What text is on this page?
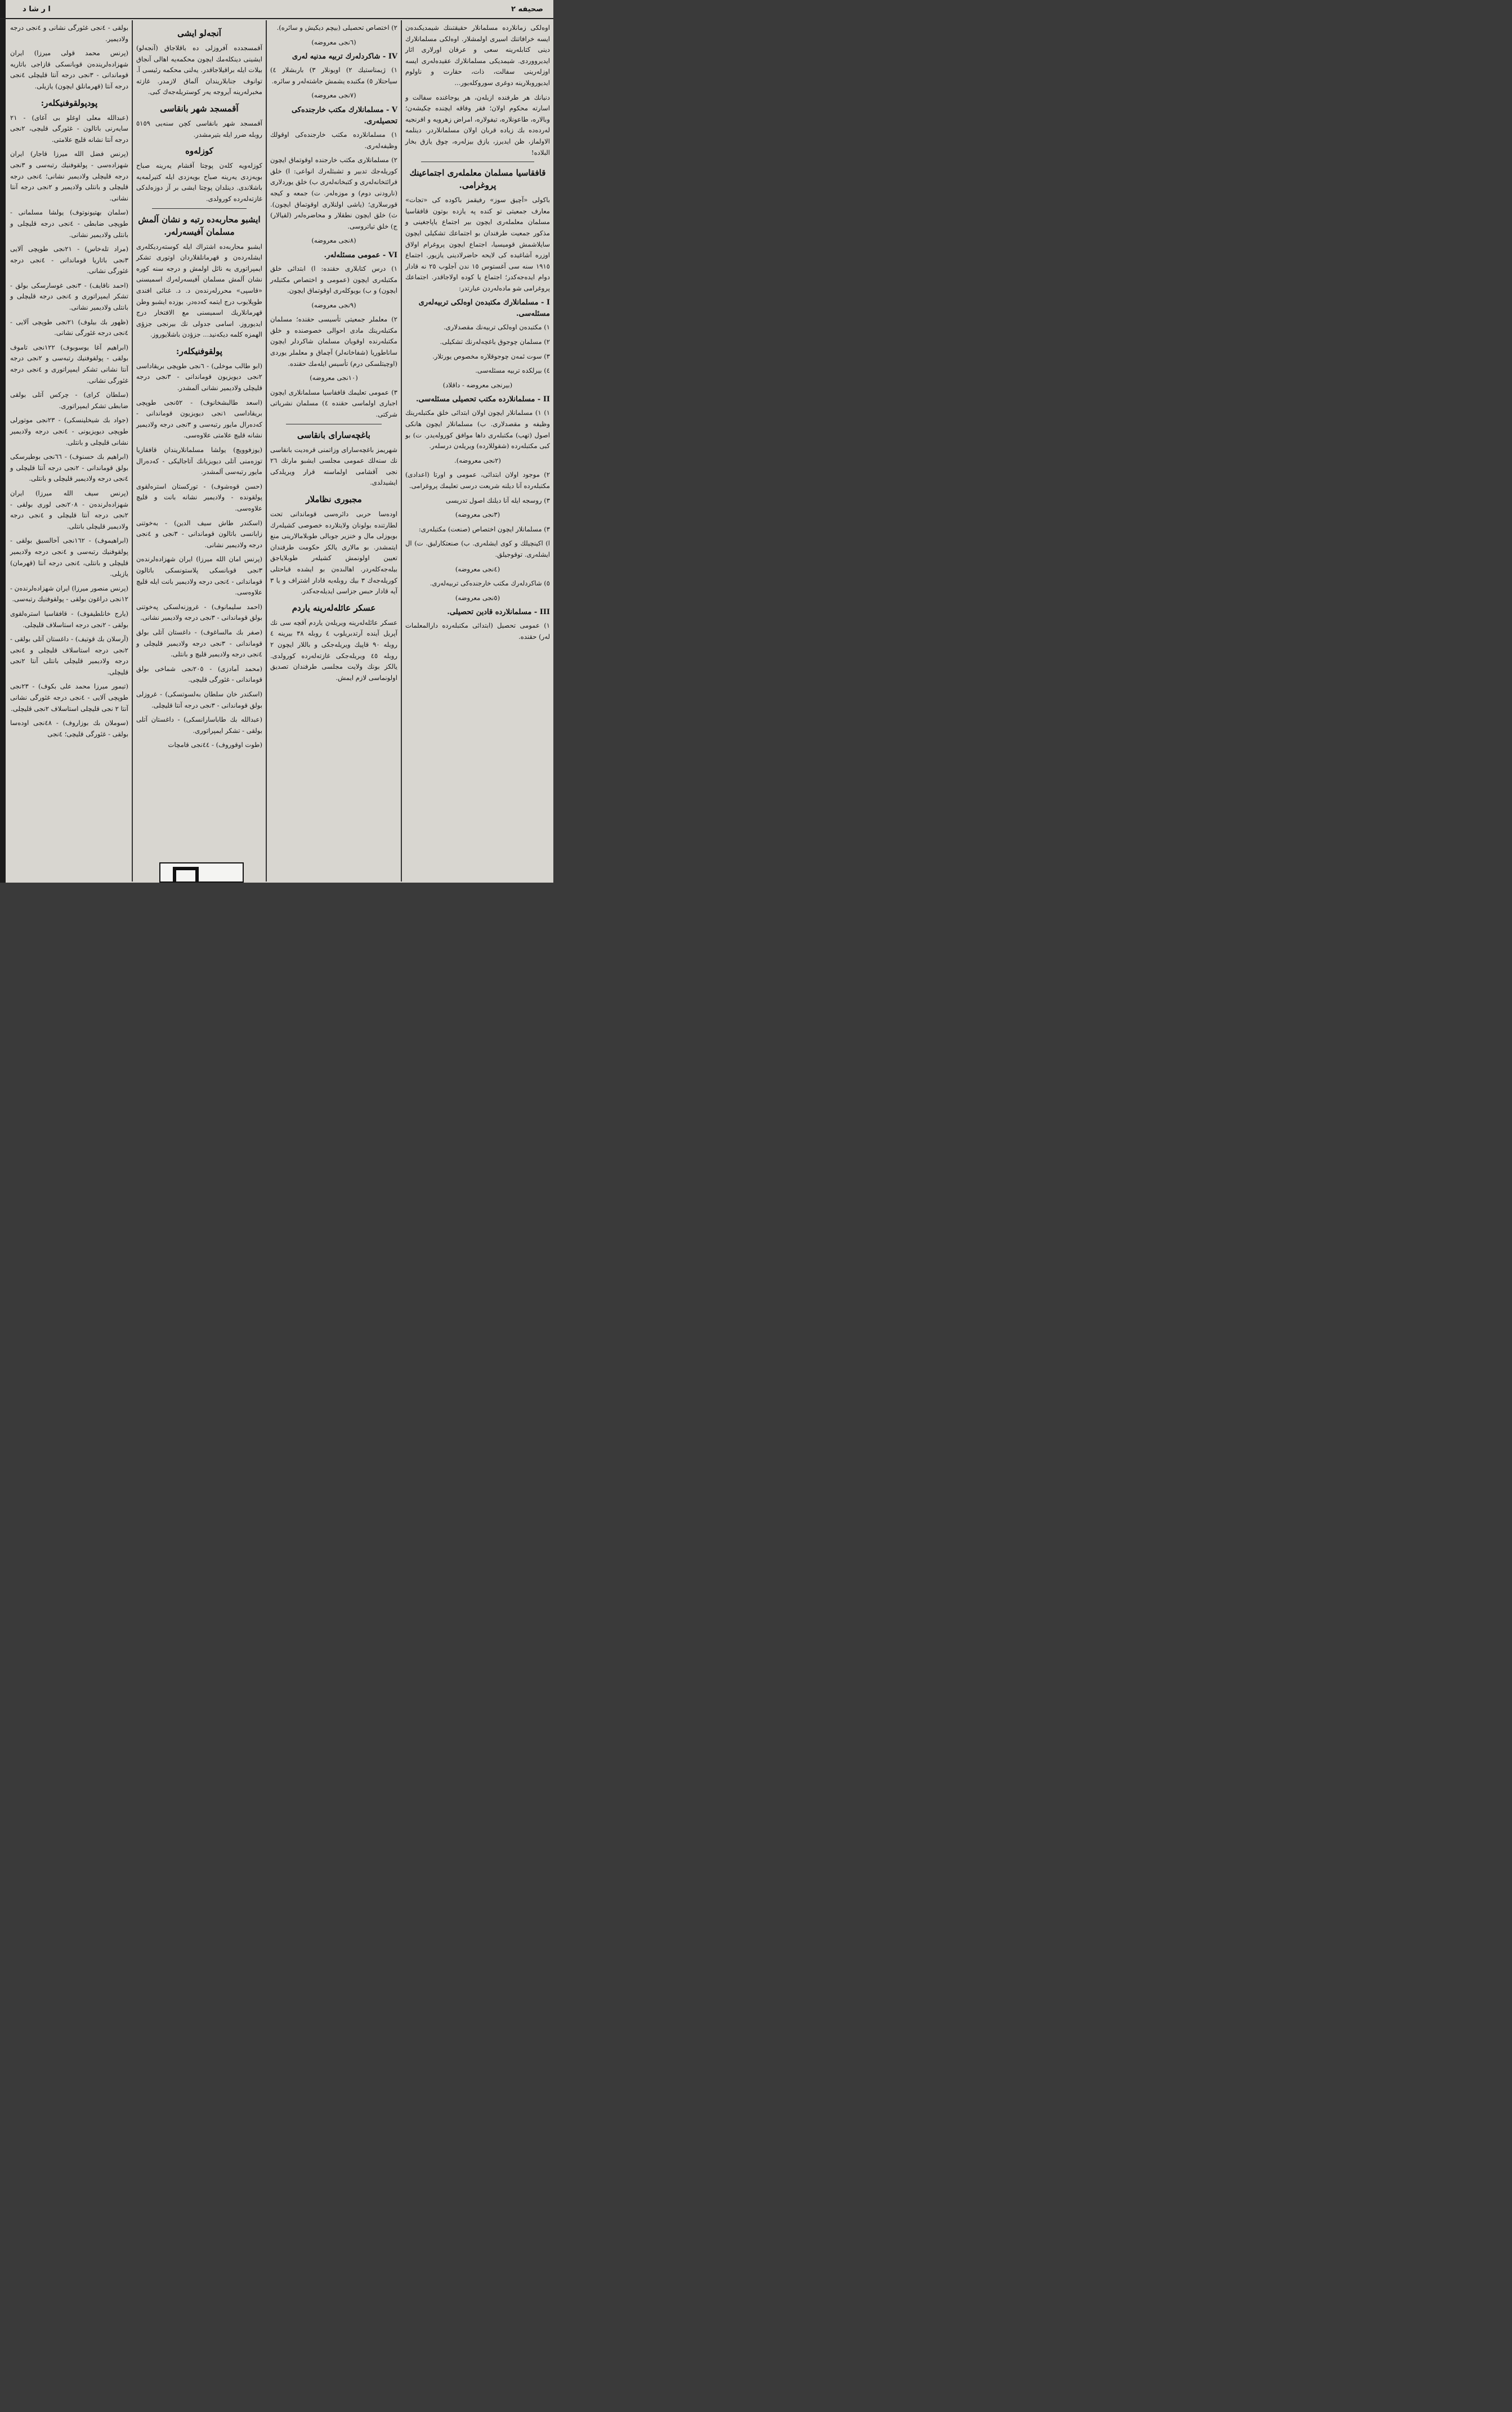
صحيفه ٢
ا ر ﺷﺎ د

اوەلكى زمانلاردە مسلمانلار حقيقتىنك شيمديكىدەن ايسه خرافاتنك اسيرى اولمشلار. اوەلكى مسلمانلارك دينى كتابلەرينه سعى و عرفان اورلارى اثار ايديرووردى. شيمديكى مسلمانلارك عقيدەلەرى ايسه اوزلەرينى سفالت، ذات، حقارت و ناولوم ايديوروبلارينه دوغرى سوروكلەيور...

دنيانك هر طرفندە ازيلەن، هر يوجاغندە سفالت و اسارته محكوم اولان؛ فقر وفاقه ايچندە چكيشەن؛ وبالاره، طاعونلاره، تيفولاره، امراض زهرويه و افرنجيه لەردەدە بك زيادە قربان اولان مسلمانلاردر. دينلمه الاولماز، ظن ايديرز، يازق بيزلەره، چوق يازق بخار البلادە!

قافقاسيا مسلمان معلملەرى اجتماعينك پروغرامى.

باكولى «آچيق سوز» رفيقمز باكوده كى «تجات» معارف جمعيتى تو كنده په يازده بوتون قافقاسيا مسلمان معلملەرى ايچون بير اجتماع ياپاجغينى و مذكور جمعيت طرفندان بو اجتماعك تشكيلى ايچون سايلاشمش قوميسيا، اجتماع ايچون پروغرام اولاق اوزره آشاغيدە كى لايحه حاضرلادينى يازيور. اجتماع ١٩١٥ سنه سى آغستوس ١٥ ندن آجلوب ٢٥ نه قادار دوام ايدەجەكدر؛ اجتماع يا كوده اولاجاقدر. اجتماعك پروغرامى شو مادەلەردن عبارتدر:

I - مسلمانلارك مكتبدەن اوەلكى تربيەلەرى مسئلەسى.

١) مكتبدەن اوەلكى تربيەنك مقصدلارى.

٢) مسلمان چوجوق باغچەلەرنك تشكيلى.

٣) سوت ئمەن چوجوقلاره مخصوص يورتلار.

٤) بيرلكدە تربيه مسئلەسى.

(بيرنجى معروضه - داقلاد)

II - مسلمانلاردە مكتب تحصيلى مسئلەسى.

١) ١) مسلمانلار ايچون اولان ابتدائى خلق مكتبلەرينك وظيفه و مقصدلارى. ب) مسلمانلار ايچون هانكى اصول (تهب) مكتبلەرى داها موافق كورولەيدر. ت) بو كبى مكتبلەردە (شقوللاردە) ويريلەن درسلەر.

(٢نجى معروضه).

٢) موجود اولان ابتدائى، عمومى و اورتا (اعدادى) مكتبلەردە آنا ديلنه شريعت درسى تعليمك پروغرامى.

٣) روسجه ايله آنا ديلنك اصول تدريسى

(٣نجى معروضه)

٣) مسلمانلار ايچون اختصاص (صنعت) مكتبلەرى:

ا) اكينچيلك و كوى ايشلەرى. ب) صنعتكارليق. ت) ال ايشلەرى. توقوجيلق.

(٤نجى معروضه)

٥) شاكردلەرك مكتب خارجندەكى تربيەلەرى.

(٥نجى معروضه)

III - مسلمانلاردە قادين تحصيلى.

١) عمومى تحصيل (ابتدائى مكتبلەردە دارالمعلمات لەر) حقندە.

٢) اختصاص تحصيلى (بيچم ديكيش و سائرە).

(٦نجى معروضه)

IV - شاكردلەرك تربيه مدنيه لەرى

١) ژيمناستيك ٢) اويونلار ٣) باربشلار ٤) سياحتلار ٥) مكتبدە يشمش جاشتەلەر و سائرە.

(٧نجى معروضه)

V - مسلمانلارك مكتب خارجندەكى تحصيلەرى.

١) مسلمانلاردە مكتب خارجندەكى اوقولك وظيفەلەرى.

٢) مسلمانلارى مكتب خارجندە اوقوتماق ايچون كوريلەجك تدبير و تشبثلەرك انواعى: ا) خلق قرائتخانەلەرى و كتبخانەلەرى ب) خلق يوردلارى (نارودنى دوم) و موزەلەر. ت) جمعه و كيجه قورسلارى؛ (ياشى اولنلارى اوقوتماق ايچون). ث) خلق ايچون نطقلار و محاضرەلەر (لقيالار) ج) خلق تياتروسى.

(٨نجى معروضه)

VI - عمومى مسئلەلەر.

١) درس كتابلارى حقنده: ا) ابتدائى خلق مكتبلەرى ايچون (عمومى و اختصاص مكتبلەر ايچون) و ب) بويوكلەرى اوقوتماق ايچون.

(٩نجى معروضه)

٢) معلملر جمعيتى تأسيسى حقنده؛ مسلمان مكتبلەرينك مادى احوالى خصوصنده و خلق مكتبلەرندە اوقويان مسلمان شاكردلر ايچون ساناطوريا (شفاخانەلر) آچماق و معلملر يوردى (اوچيتلسكى درم) تأسيس ايلەمك حقنده.

(١٠نجى معروضه)

٣) عمومى تعليمك قافقاسيا مسلمانلارى ايچون اجبارى اولماسى حقنده ٤) مسلمان نشرياتى شركتى.

باغچەسارای بانقاسى

شهريمز باغچەسارای وزاتمنى قرەديت بانقاسى نك سنەلك عمومى مجلسى ايشبو مارتك ٢٦ نجى آقشامى اولماسنه قرار ويريلدكى ايشيدلدى.

مجبورى نظاملار

اودەسا حربى دائرەسى قوماندانى تحت لطارتندە بولونان ولايتلاردە خصوصى كشيلەرك بويوزلى مال و خنزير جوبالى طوبلامالارينى منع ايتمشدر. بو مالارى يالكز حكومت طرفندان تعيين اولونمش كشيلەر طوبلاياجق بيلەجەكلەردر. اهالىدەن بو ايشده قباحتلى كوريلەجەك ٣ بيك روبلەيه قادار اشتراف و يا ٣ آيه قادار حبس جزاسى ايديلەجەكدر.

عسكر عائلەلەرينه ياردم

عسكر عائلەلەرينه ويريلەن ياردم آقچه سى نك آپريل آيندە آرتدبريلوب ٤ روبله ٣٨ بيرينه ٤ روبله ٩٠ قاپيك ويريلەجكى و باللار ايچون ٢ روبله ٤٥ ويريلەجكى غازتەلەردە كورولدى. يالكز بونك ولايت مجلسى طرفندان تصديق اولونماسى لازم ايمش.

آنجەلو ايشى

آقمسجددە آفروزلى دە باقلاجاق (آنجەلو) ايشينى دينكلەمك ايچون محكمەيه اهالى آنجاق بيلات ايله براقيلاجاقدر. يەلنى محكمه رئيسى آ. توانوف جنابلاريندان آلماق لازمدر. غازته مخبرلەرينه آيروجه يەر كوستريلەجەك كبى.

آقمسجد شهر بانقاسى

آقمسجد شهر بانقاسى كچن سنەيى ٥١٥٩ روبله ضرر ايله بتيرمشدر.

كوزلەوە

كوزلەويە كلەن پوچتا آقشام يەرينه صباح بويەزدى يەرينه صباح بويەزدى ايله كتيرلمەيه باشلاندى. دينلدان پوچتا ايشى بر آز دوزەلدكى غازتەلەردە كورولدى.

ايشبو محاربەدە رتبه و نشان آلمش مسلمان آفيسەرلەر.

ايشبو محاربەدە اشتراك ايله كوستەرديكلەرى ايشلەردەن و قهرمانلقلاردان اوتوری تشكر ايمپراتورى يە نائل اولمش و درجه سنه كوره نشان آلمش مسلمان آفيسەرلەرك اسميسنى «قاسپى» محررلەرندەن د. د. غنائى افندى طوپلايوب درج ايتمه كەدەدر. بوزدە ايشبو وطن قهرمانلاريك اسميسنى مع الافتخار درج ايديوروز. اسامى جدولى نك بيرنجى جزؤى الهمزە كلمه ديكەنيد... جزؤدن باشلايوروز.

پولقوفنيكلەر:

(ابو طالب موخلى) - ٦نجى طوپچى بريقاداسى ٢نجى ديويزيون قوماندانى - ٣نجى درجه قليچلى ولاديمير نشانى آلمشدر.

(اسعد طالبشخانوف) - ٥٢نجى طوپچى بريقاداسى ١نجى ديويزيون قوماندانى - كەدەرال مايور رتبەسى و ٣نجى درجه ولاديمير نشانه قليچ علامتى علاوەسى.

(يوزفوويچ) يولشا مسلمانلاريندان قافقازيا توزەمنى آتلى ديويزيانك آتاجاليكى - كەدەرال مايور رتبەسى آلمشدر.

(حسن قوەشوف) - توركستان استرەلقوى پولقوندە - ولاديمير نشانه بانت و قليچ علاوەسى.

(اسكندر طاش سيف الدين) - بەخوتنى زابانسى باتالون قوماندانى - ٣نجى و ٤نجى درجه ولاديمير نشانى.

(پرنس امان الله ميرزا) ايران شهزادەلرندەن ٣نجى قوبانسكى پلاستونسكى باتالون قوماندانى - ٤نجى درجه ولاديمير بانت ايله قليچ علاوەسى.

(احمد سليمانوف) - غروزنەلسكى پەخوتنى بولق قوماندانى - ٣نجى درجه ولاديمير نشانى.

(صفر بك مالساغوف) - داغستان آتلى بولق قوماندانى - ٣نجى درجه ولاديمير قليچلى و ٤نجى درجه ولاديمير قليچ و بانتلى.

(محمد آمادزى) - ٢٠٥نجى شماخى بولق قوماندانى - غئورگى قليچى.

(اسكندر خان سلطان بەلسوتسكى) - غروزلى بولق قوماندانى - ٣نجى درجه آنتا قليچلى.

(عبدالله بك طاباسارانسكى) - داغستان آتلى بولقى - تشكر ايمپراتورى.

(طوت اوقوروف) - ٤٤نجى قامچات

بولقى - ٤نجى غئورگى نشانى و ٤نجى درجه ولاديمير.

(پرنس محمد قولى ميرزا) ايران شهزادەلريندەن قوبانسكى قازاجى باتاريه قوماندانى - ٣نجى درجه آنتا قليچلى ٤نجى درجه آنتا (قهرمانلق ايچون) يازيلى.

پودپولقوفنيكلەر:

(عبدالله معلى اوغلو بى آغاى) - ٢١ سايەرنى باتالون - غئورگى قليچى، ٢نجى درجه آنتا نشانه قليچ علامتى.

(پرنس فضل الله ميرزا قاجار) ايران شهزادەسى - پولقوفنيك رتبەسى و ٣نجى درجه قليچلى ولاديمير نشانى؛ ٤نجى درجه قليچلى و بانتلى ولاديمير و ٢نجى درجه آنتا نشانى.

(سلمان بهتيونوتوف) يولشا مسلمانى - طوپچى ضابطى - ٤نجى درجه قليچلى و بانتلى ولاديمير نشانى.

(مراد تلەخاس) - ٢١نجى طوپچى آلايى ٣نجى باتاريا قوماندانى - ٤نجى درجه غئورگى نشانى.

(احمد ناقايف) - ٣نجى غوسارسكى بولق - تشكر ايمپراتورى و ٤نجى درجه قليچلى و بانتلى ولاديمير نشانى.

(ظهور بك بيلوف) ٢١نجى طوپچى آلايى - ٤نجى درجه غئورگى نشانى.

(ابراهيم آغا يوسوبوف) ١٢٢نجى تاموف بولقى - پولقوفنيك رتبەسى و ٢نجى درجه آنتا نشانى تشكر ايمپراتورى و ٤نجى درجه غئورگى نشانى.

(سلطان كراى) - چركس آتلى بولقى ضابطى تشكر ايمپراتورى.

(جواد بك شيخلينسكى) - ٢٣نجى موتورلى طوپچى ديويزيونى - ٤نجى درجه ولاديمير نشانى قليچلى و بانتلى.

(ابراهيم بك حسنوف) - ٦٦نجى بوطيرسكى بولق قوماندانى - ٢نجى درجه آنتا قليچلى و ٤نجى درجه ولاديمير قليچلى و بانتلى.

(پرنس سيف الله ميرزا) ايران شهزادەلرندەن - ٢٠٨نجى لورى بولقى - ٢نجى درجه آنتا قليچلى و ٤نجى درجه ولاديمير قليچلى بانتلى.

(ابراهيموف) - ١٦٢نجى آخالسيق بولقى - پولقوفنيك رتبەسى و ٤نجى درجه ولاديمير قليچلى و بانتلى، ٤نجى درجه آنتا (قهرمان) يازيلى.

(پرنس منصور ميرزا) ايران شهزادەلرندەن - ١٢نجى دراغون بولقى - پولقوفنيك رتبەسى.

(يارج خانلطيفوف) - قافقاسيا استرەلقوى بولقى - ٢نجى درجه استاسلاف قليچلى.

(آرسلان بك قوتيف) - داغستان آتلى بولقى - ٢نجى درجه استاسلاف قليچلى و ٤نجى درجه ولاديمير قليچلى بانتلى آنتا ٢نجى قليچلى.

(تيمور ميرزا محمد على بكوف) - ٢٣نجى طوپچى آلايى - ٤نجى درجه غئورگى نشانى آنتا ٢ نجى قليچلى استاسلاف ٢نجى قليچلى.

(سوملان بك بوزاروف) - ٤٨نجى اودەسا بولقى - غئورگى قليچى؛ ٤نجى
